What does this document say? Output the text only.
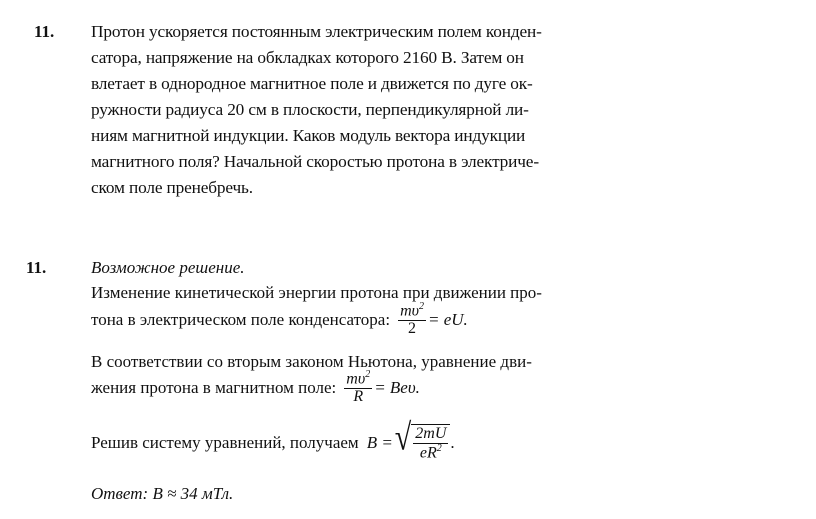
11. Протон ускоряется постоянным электрическим полем конден-
сатора, напряжение на обкладках которого 2160 В. Затем он
влетает в однородное магнитное поле и движется по дуге ок-
ружности радиуса 20 см в плоскости, перпендикулярной ли-
ниям магнитной индукции. Каков модуль вектора индукции
магнитного поля? Начальной скоростью протона в электриче-
ском поле пренебречь.
11.	Возможное решение.
Изменение кинетической энергии протона при движении про-
тона в электрическом поле конденсатора: $\frac{m\upsilon^2}{2}$ = eU.
В соответствии со вторым законом Ньютона, уравнение дви-
жения протона в магнитном поле: $\frac{m\upsilon^2}{R} = Be\upsilon$.
Решив систему уравнений, получаем B = √ $\frac{2mU}{eR^2}$ .
Ответ: B ≈ 34 мТл.
